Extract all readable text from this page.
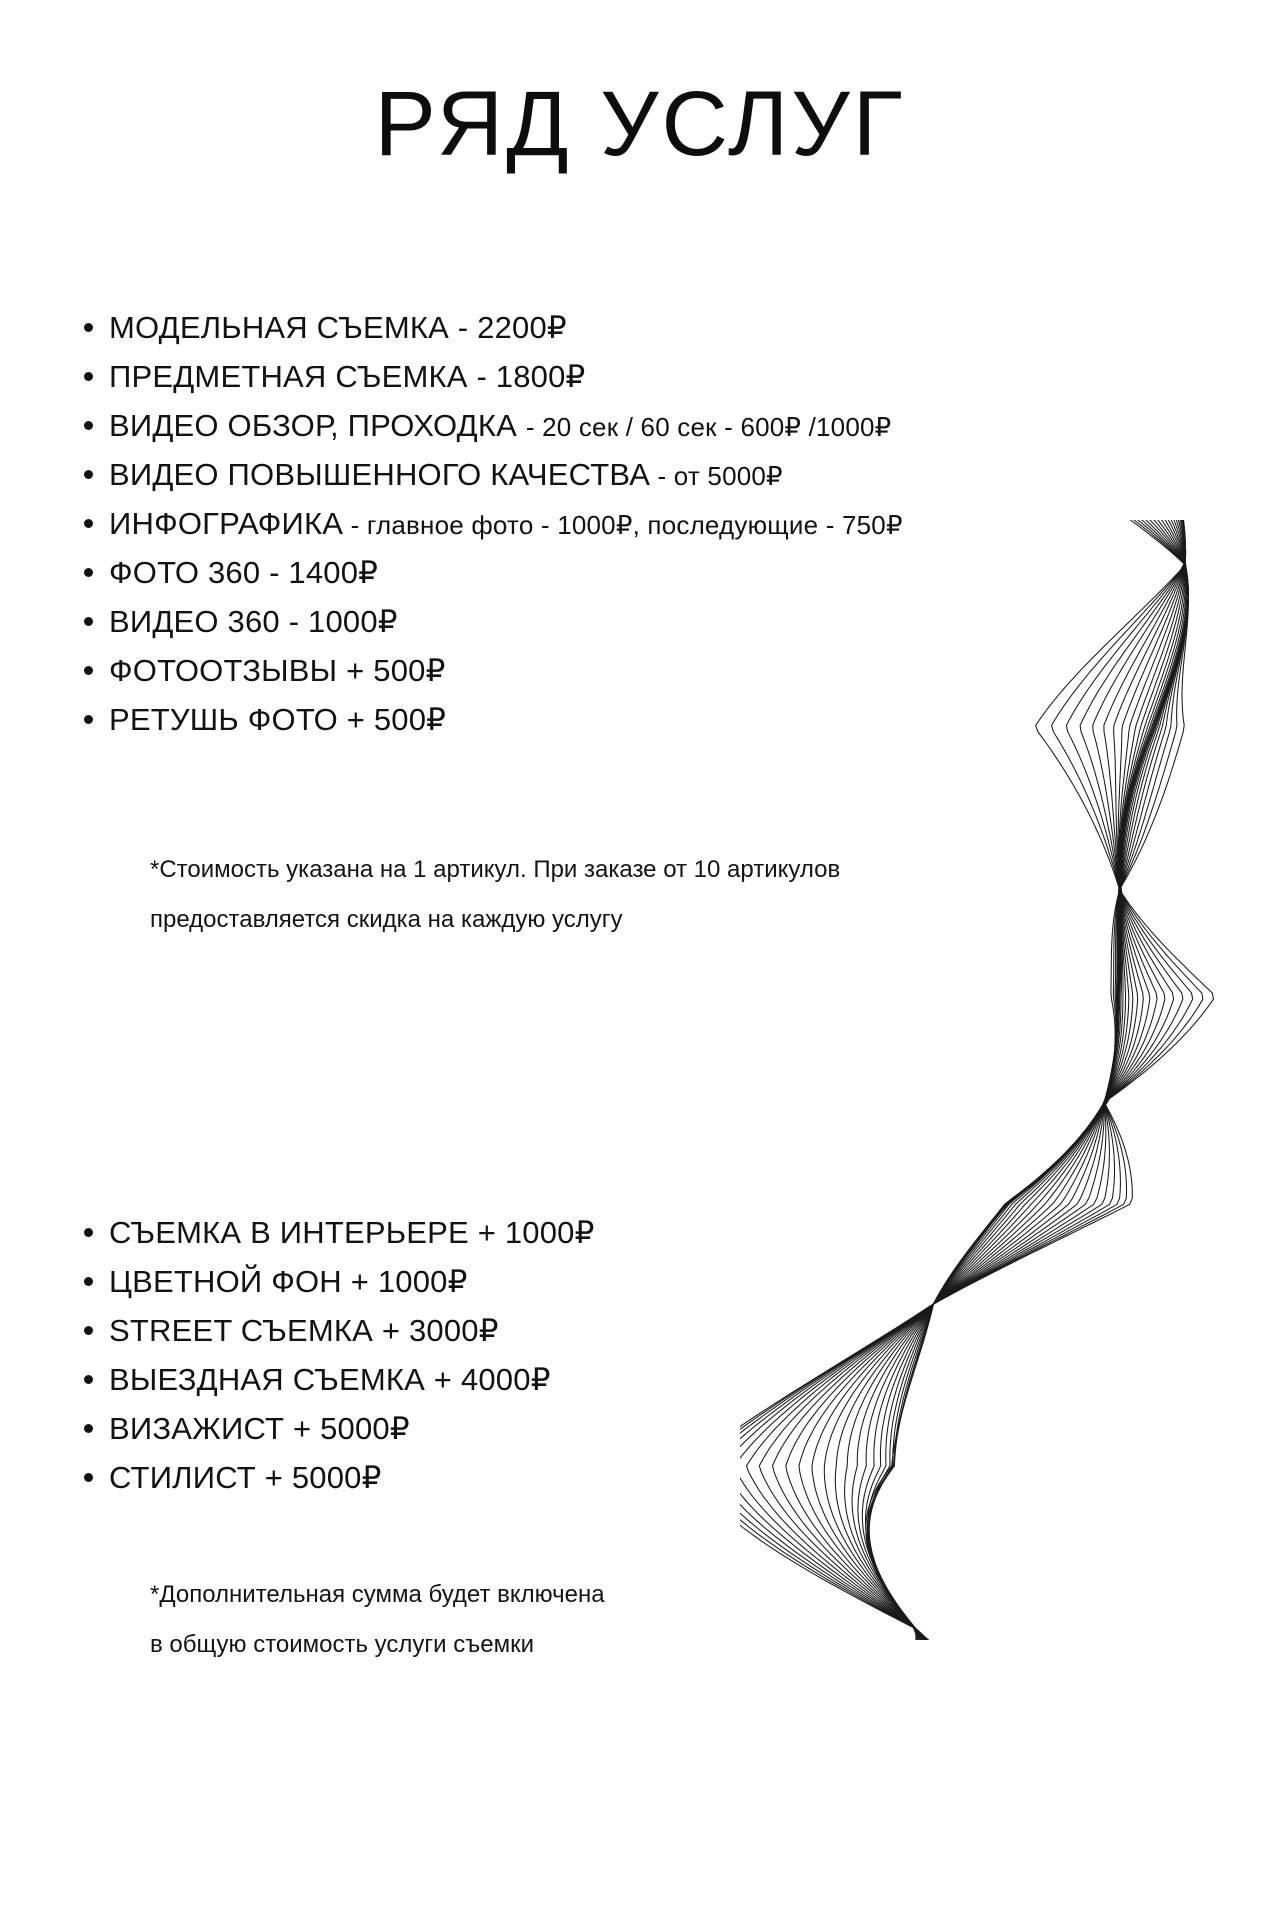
РЯД УСЛУГ
МОДЕЛЬНАЯ СЪЕМКА - 2200₽
ПРЕДМЕТНАЯ СЪЕМКА - 1800₽
ВИДЕО ОБЗОР, ПРОХОДКА - 20 сек / 60 сек - 600₽ /1000₽
ВИДЕО ПОВЫШЕННОГО КАЧЕСТВА - от 5000₽
ИНФОГРАФИКА - главное фото - 1000₽, последующие - 750₽
ФОТО 360 - 1400₽
ВИДЕО 360 - 1000₽
ФОТООТЗЫВЫ + 500₽
РЕТУШЬ ФОТО + 500₽
*Стоимость указана на 1 артикул. При заказе от 10 артикулов
предоставляется скидка на каждую услугу
СЪЕМКА В ИНТЕРЬЕРЕ + 1000₽
ЦВЕТНОЙ ФОН + 1000₽
STREET СЪЕМКА + 3000₽
ВЫЕЗДНАЯ СЪЕМКА + 4000₽
ВИЗАЖИСТ + 5000₽
СТИЛИСТ + 5000₽
*Дополнительная сумма будет включена
в общую стоимость услуги съемки
